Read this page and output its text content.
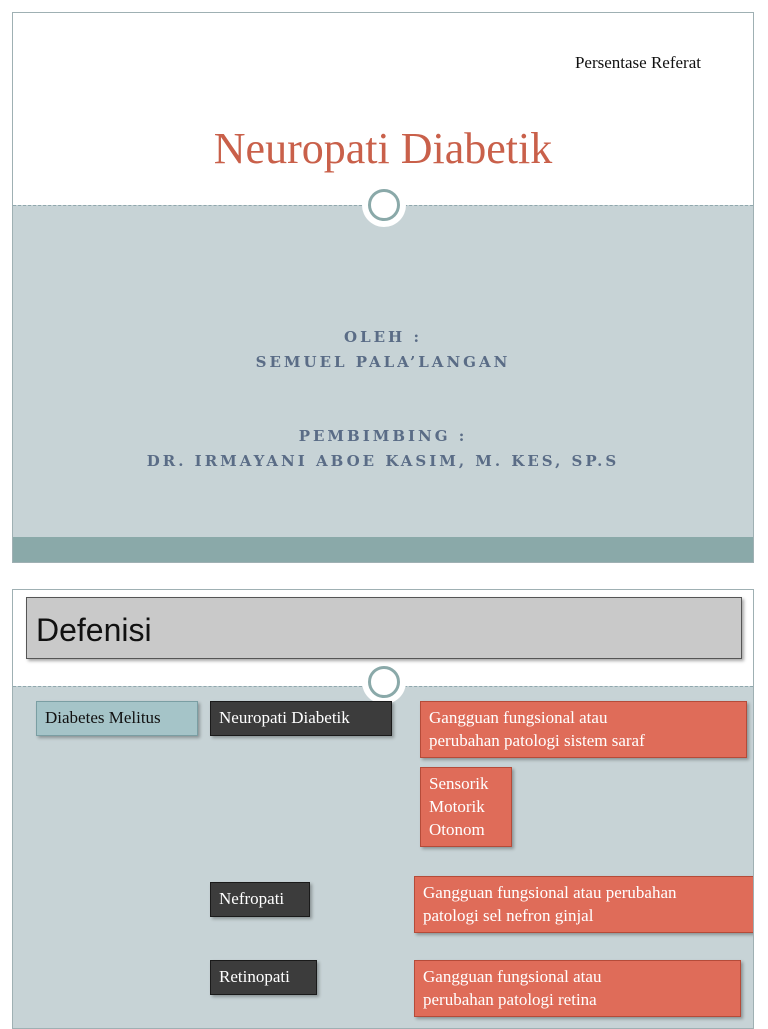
Persentase Referat
Neuropati Diabetik
OLEH :
SEMUEL PALA’LANGAN
PEMBIMBING :
DR. IRMAYANI ABOE KASIM, M. KES, SP.S
Defenisi
Diabetes Melitus	Neuropati Diabetik	Gangguan fungsional atau
perubahan patologi sistem saraf
Sensorik
Motorik
Otonom
Nefropati	Gangguan fungsional atau perubahan
patologi sel nefron ginjal
Retinopati	Gangguan fungsional atau
perubahan patologi retina
